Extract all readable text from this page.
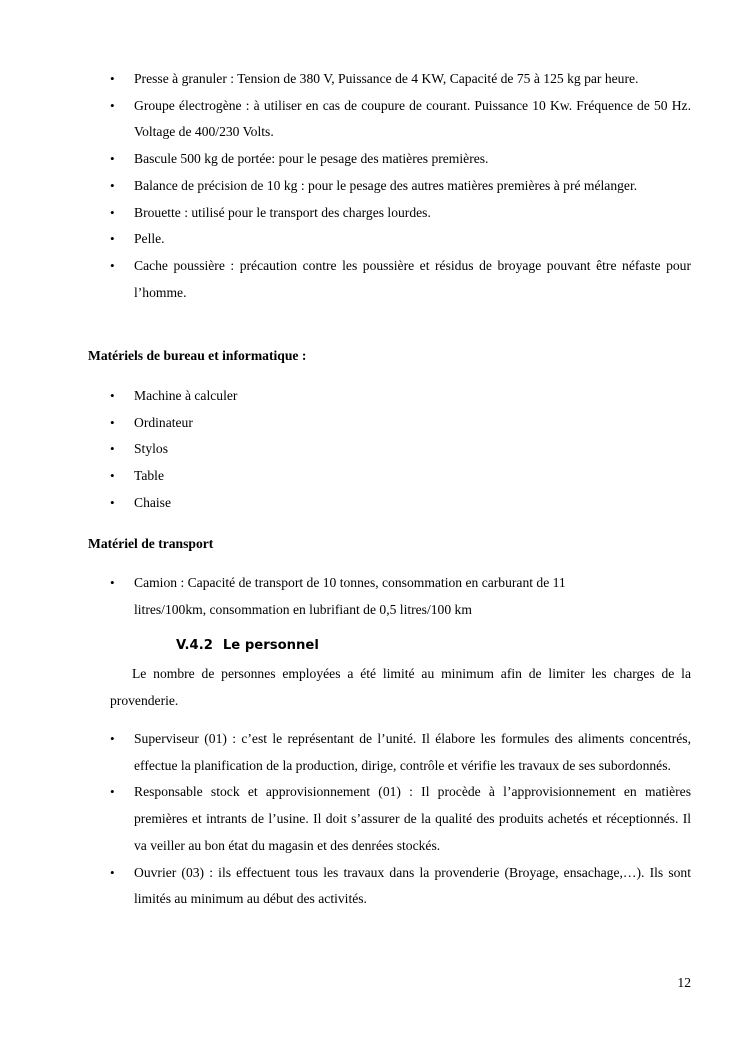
• Presse à granuler : Tension de 380 V, Puissance de 4 KW, Capacité de 75 à 125 kg par heure.
• Groupe électrogène : à utiliser en cas de coupure de courant. Puissance 10 Kw. Fréquence de 50 Hz. Voltage de 400/230 Volts.
• Bascule 500 kg de portée: pour le pesage des matières premières.
• Balance de précision de 10 kg : pour le pesage des autres matières premières à pré mélanger.
• Brouette : utilisé pour le transport des charges lourdes.
• Pelle.
• Cache poussière : précaution contre les poussière et résidus de broyage pouvant être néfaste pour l’homme.
Matériels de bureau et informatique :
• Machine à calculer
• Ordinateur
• Stylos
• Table
• Chaise
Matériel de transport
• Camion : Capacité de transport de 10 tonnes, consommation en carburant de 11 litres/100km, consommation en lubrifiant de 0,5 litres/100 km
V.4.2 Le personnel
Le nombre de personnes employées a été limité au minimum afin de limiter les charges de la provenderie.
• Superviseur (01) : c’est le représentant de l’unité. Il élabore les formules des aliments concentrés, effectue la planification de la production, dirige, contrôle et vérifie les travaux de ses subordonnés.
• Responsable stock et approvisionnement (01) : Il procède à l’approvisionnement en matières premières et intrants de l’usine. Il doit s’assurer de la qualité des produits achetés et réceptionnés. Il va veiller au bon état du magasin et des denrées stockés.
• Ouvrier (03) : ils effectuent tous les travaux dans la provenderie (Broyage, ensachage,…). Ils sont limités au minimum au début des activités.
12
